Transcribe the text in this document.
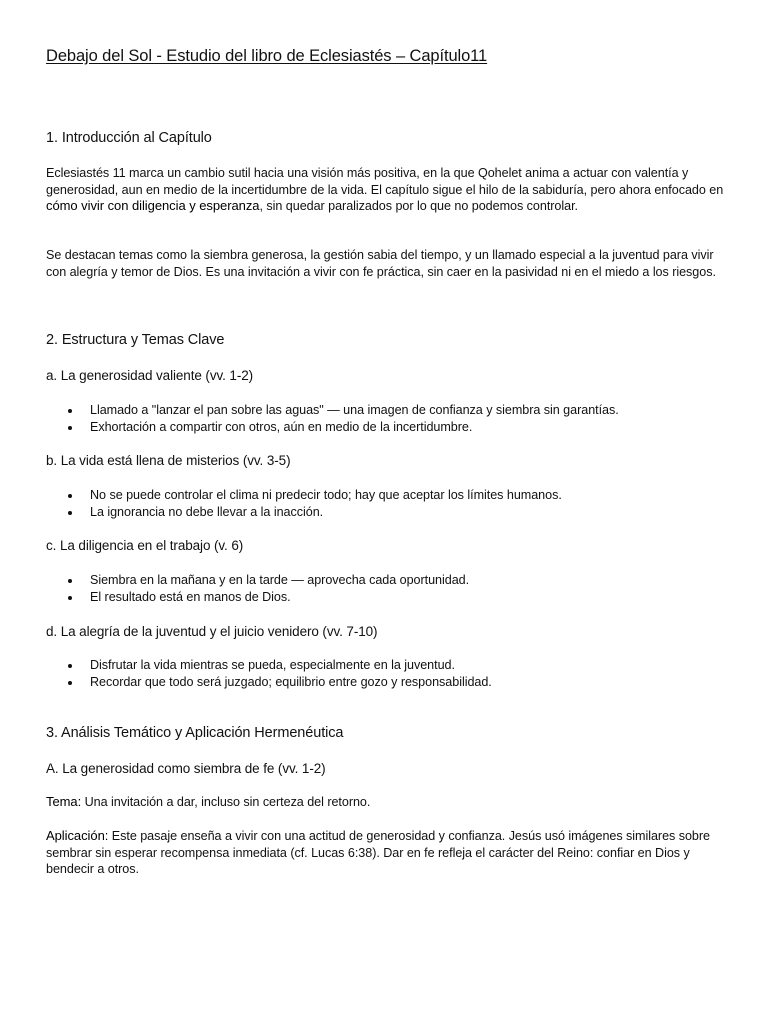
Debajo del Sol - Estudio del libro de Eclesiastés – Capítulo11
1. Introducción al Capítulo

Eclesiastés 11 marca un cambio sutil hacia una visión más positiva, en la que Qohelet anima a actuar con valentía y generosidad, aun en medio de la incertidumbre de la vida. El capítulo sigue el hilo de la sabiduría, pero ahora enfocado en cómo vivir con diligencia y esperanza, sin quedar paralizados por lo que no podemos controlar.

Se destacan temas como la siembra generosa, la gestión sabia del tiempo, y un llamado especial a la juventud para vivir con alegría y temor de Dios. Es una invitación a vivir con fe práctica, sin caer en la pasividad ni en el miedo a los riesgos.

2. Estructura y Temas Clave
a. La generosidad valiente (vv. 1-2)
Llamado a "lanzar el pan sobre las aguas" — una imagen de confianza y siembra sin garantías.
Exhortación a compartir con otros, aún en medio de la incertidumbre.
b. La vida está llena de misterios (vv. 3-5)
No se puede controlar el clima ni predecir todo; hay que aceptar los límites humanos.
La ignorancia no debe llevar a la inacción.
c. La diligencia en el trabajo (v. 6)
Siembra en la mañana y en la tarde — aprovecha cada oportunidad.
El resultado está en manos de Dios.
d. La alegría de la juventud y el juicio venidero (vv. 7-10)
Disfrutar la vida mientras se pueda, especialmente en la juventud.
Recordar que todo será juzgado; equilibrio entre gozo y responsabilidad.
3. Análisis Temático y Aplicación Hermenéutica
A. La generosidad como siembra de fe (vv. 1-2)

Tema: Una invitación a dar, incluso sin certeza del retorno.

Aplicación: Este pasaje enseña a vivir con una actitud de generosidad y confianza. Jesús usó imágenes similares sobre sembrar sin esperar recompensa inmediata (cf. Lucas 6:38). Dar en fe refleja el carácter del Reino: confiar en Dios y bendecir a otros.
